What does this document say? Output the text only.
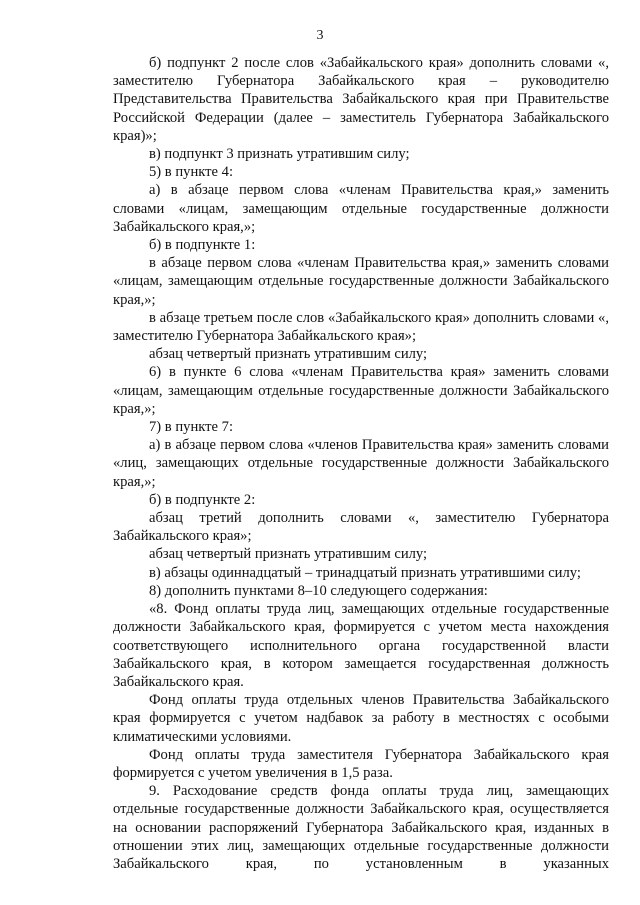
3

б) подпункт 2 после слов «Забайкальского края» дополнить словами «, заместителю Губернатора Забайкальского края – руководителю Представительства Правительства Забайкальского края при Правительстве Российской Федерации (далее – заместитель Губернатора Забайкальского края)»;

в) подпункт 3 признать утратившим силу;

5) в пункте 4:

а) в абзаце первом слова «членам Правительства края,» заменить словами «лицам, замещающим отдельные государственные должности Забайкальского края,»;

б) в подпункте 1:

в абзаце первом слова «членам Правительства края,» заменить словами «лицам, замещающим отдельные государственные должности Забайкальского края,»;

в абзаце третьем после слов «Забайкальского края» дополнить словами «, заместителю Губернатора Забайкальского края»;

абзац четвертый признать утратившим силу;

6) в пункте 6 слова «членам Правительства края» заменить словами «лицам, замещающим отдельные государственные должности Забайкальского края,»;

7) в пункте 7:

а) в абзаце первом слова «членов Правительства края» заменить словами «лиц, замещающих отдельные государственные должности Забайкальского края,»;

б) в подпункте 2:

абзац третий дополнить словами «, заместителю Губернатора Забайкальского края»;

абзац четвертый признать утратившим силу;

в) абзацы одиннадцатый – тринадцатый признать утратившими силу;

8) дополнить пунктами 8–10 следующего содержания:

«8. Фонд оплаты труда лиц, замещающих отдельные государственные должности Забайкальского края, формируется с учетом места нахождения соответствующего исполнительного органа государственной власти Забайкальского края, в котором замещается государственная должность Забайкальского края.

Фонд оплаты труда отдельных членов Правительства Забайкальского края формируется с учетом надбавок за работу в местностях с особыми климатическими условиями.

Фонд оплаты труда заместителя Губернатора Забайкальского края формируется с учетом увеличения в 1,5 раза.

9. Расходование средств фонда оплаты труда лиц, замещающих отдельные государственные должности Забайкальского края, осуществляется на основании распоряжений Губернатора Забайкальского края, изданных в отношении этих лиц, замещающих отдельные государственные должности Забайкальского края, по установленным в указанных
